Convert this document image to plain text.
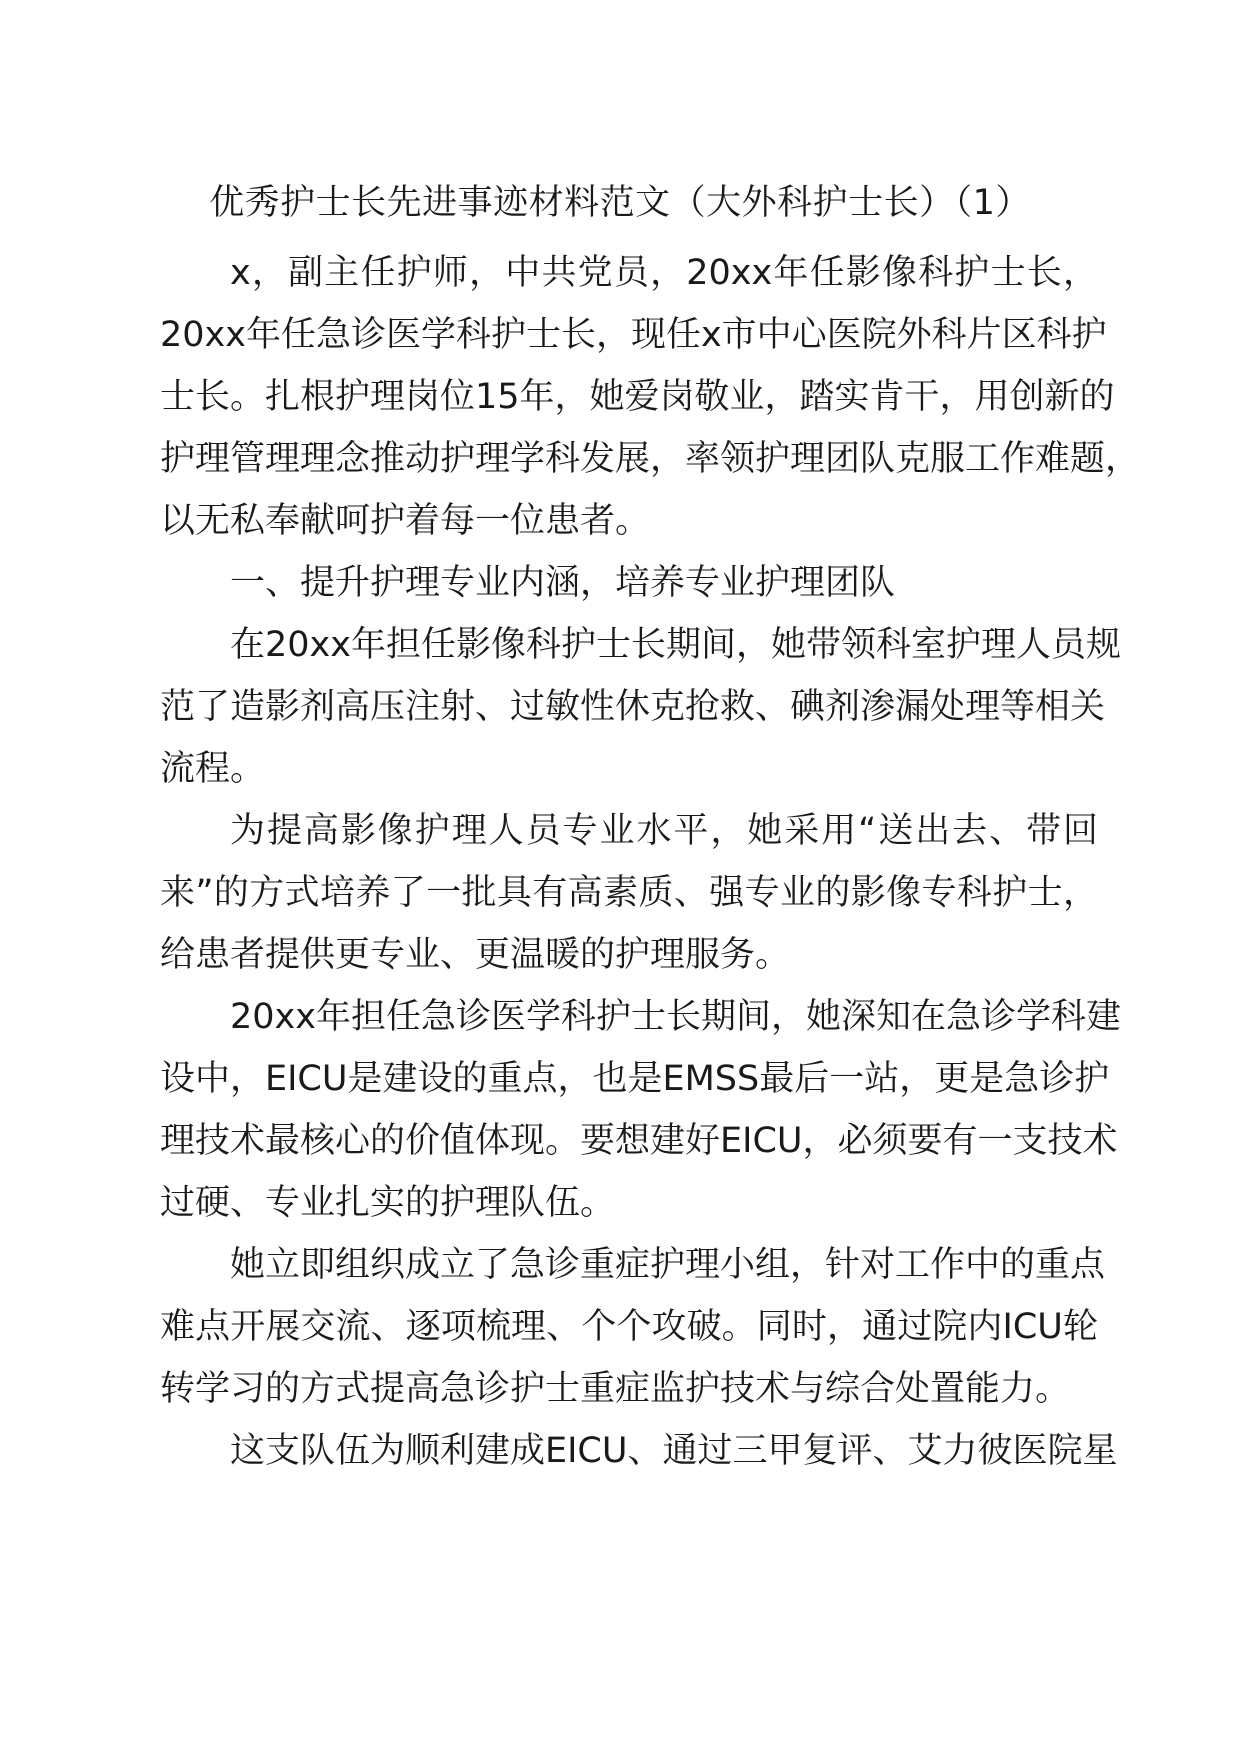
优秀护士长先进事迹材料范文（大外科护士长）（1）
x，副主任护师，中共党员，20xx年任影像科护士长，
20xx年任急诊医学科护士长，现任x市中心医院外科片区科护
士长。扎根护理岗位15年，她爱岗敬业，踏实肯干，用创新的
护理管理理念推动护理学科发展，率领护理团队克服工作难题，
以无私奉献呵护着每一位患者。
一、提升护理专业内涵，培养专业护理团队
在20xx年担任影像科护士长期间，她带领科室护理人员规
范了造影剂高压注射、过敏性休克抢救、碘剂渗漏处理等相关
流程。
为提高影像护理人员专业水平，她采用“送出去、带回
来”的方式培养了一批具有高素质、强专业的影像专科护士，
给患者提供更专业、更温暖的护理服务。
20xx年担任急诊医学科护士长期间，她深知在急诊学科建
设中，EICU是建设的重点，也是EMSS最后一站，更是急诊护
理技术最核心的价值体现。要想建好EICU，必须要有一支技术
过硬、专业扎实的护理队伍。
她立即组织成立了急诊重症护理小组，针对工作中的重点
难点开展交流、逐项梳理、个个攻破。同时，通过院内ICU轮
转学习的方式提高急诊护士重症监护技术与综合处置能力。
这支队伍为顺利建成EICU、通过三甲复评、艾力彼医院星
